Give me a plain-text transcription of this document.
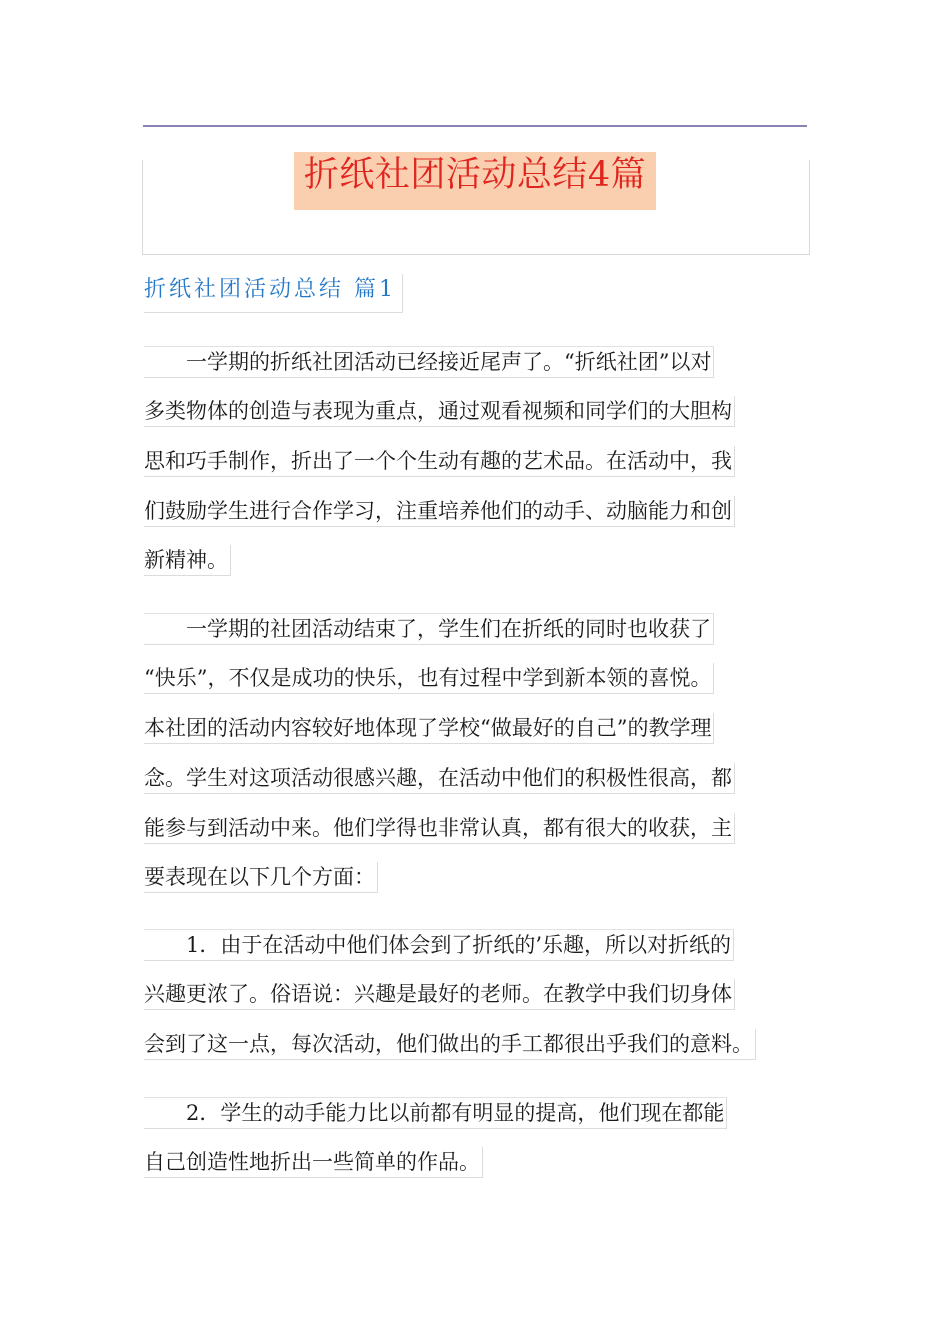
折纸社团活动总结4篇
折纸社团活动总结 篇1
　　一学期的折纸社团活动已经接近尾声了。“折纸社团”以对
多类物体的创造与表现为重点，通过观看视频和同学们的大胆构
思和巧手制作，折出了一个个生动有趣的艺术品。在活动中，我
们鼓励学生进行合作学习，注重培养他们的动手、动脑能力和创
新精神。
　　一学期的社团活动结束了，学生们在折纸的同时也收获了
“快乐”，不仅是成功的快乐，也有过程中学到新本领的喜悦。
本社团的活动内容较好地体现了学校“做最好的自己”的教学理
念。学生对这项活动很感兴趣，在活动中他们的积极性很高，都
能参与到活动中来。他们学得也非常认真，都有很大的收获，主
要表现在以下几个方面：
　　1．由于在活动中他们体会到了折纸的’乐趣，所以对折纸的
兴趣更浓了。俗语说：兴趣是最好的老师。在教学中我们切身体
会到了这一点，每次活动，他们做出的手工都很出乎我们的意料。
　　2．学生的动手能力比以前都有明显的提高，他们现在都能
自己创造性地折出一些简单的作品。
